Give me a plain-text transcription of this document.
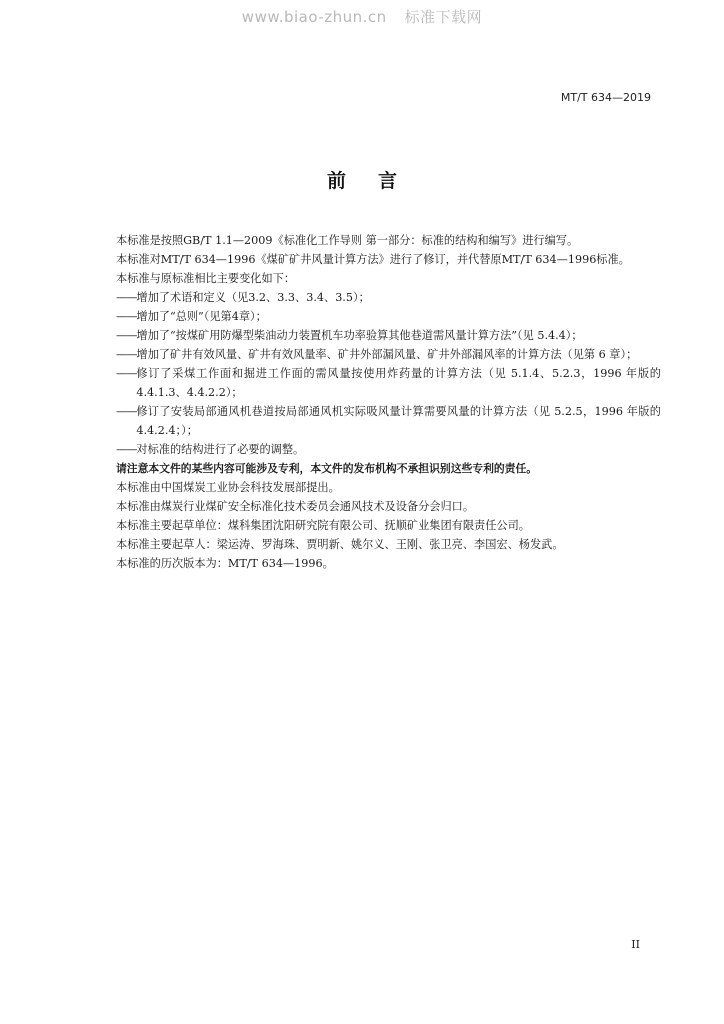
www.biao-zhun.cn 标准下载网
MT/T 634—2019
前言
本标准是按照GB/T 1.1—2009《标准化工作导则 第一部分：标准的结构和编写》进行编写。
本标准对MT/T 634—1996《煤矿矿井风量计算方法》进行了修订，并代替原MT/T 634—1996标准。
本标准与原标准相比主要变化如下：
—— 增加了术语和定义（见3.2、3.3、3.4、3.5）；
—— 增加了“总则”（见第4章）；
—— 增加了“按煤矿用防爆型柴油动力装置机车功率验算其他巷道需风量计算方法”（见 5.4.4）；
—— 增加了矿井有效风量、矿井有效风量率、矿井外部漏风量、矿井外部漏风率的计算方法（见第 6 章）；
—— 修订了采煤工作面和掘进工作面的需风量按使用炸药量的计算方法（见 5.1.4、5.2.3，1996 年版的 4.4.1.3、4.4.2.2）；
—— 修订了安装局部通风机巷道按局部通风机实际吸风量计算需要风量的计算方法（见 5.2.5，1996 年版的 4.4.2.4；）；
—— 对标准的结构进行了必要的调整。
请注意本文件的某些内容可能涉及专利，本文件的发布机构不承担识别这些专利的责任。
本标准由中国煤炭工业协会科技发展部提出。
本标准由煤炭行业煤矿安全标准化技术委员会通风技术及设备分会归口。
本标准主要起草单位：煤科集团沈阳研究院有限公司、抚顺矿业集团有限责任公司。
本标准主要起草人：梁运涛、罗海珠、贾明新、姚尔义、王刚、张卫亮、李国宏、杨发武。
本标准的历次版本为：MT/T 634—1996。
II
